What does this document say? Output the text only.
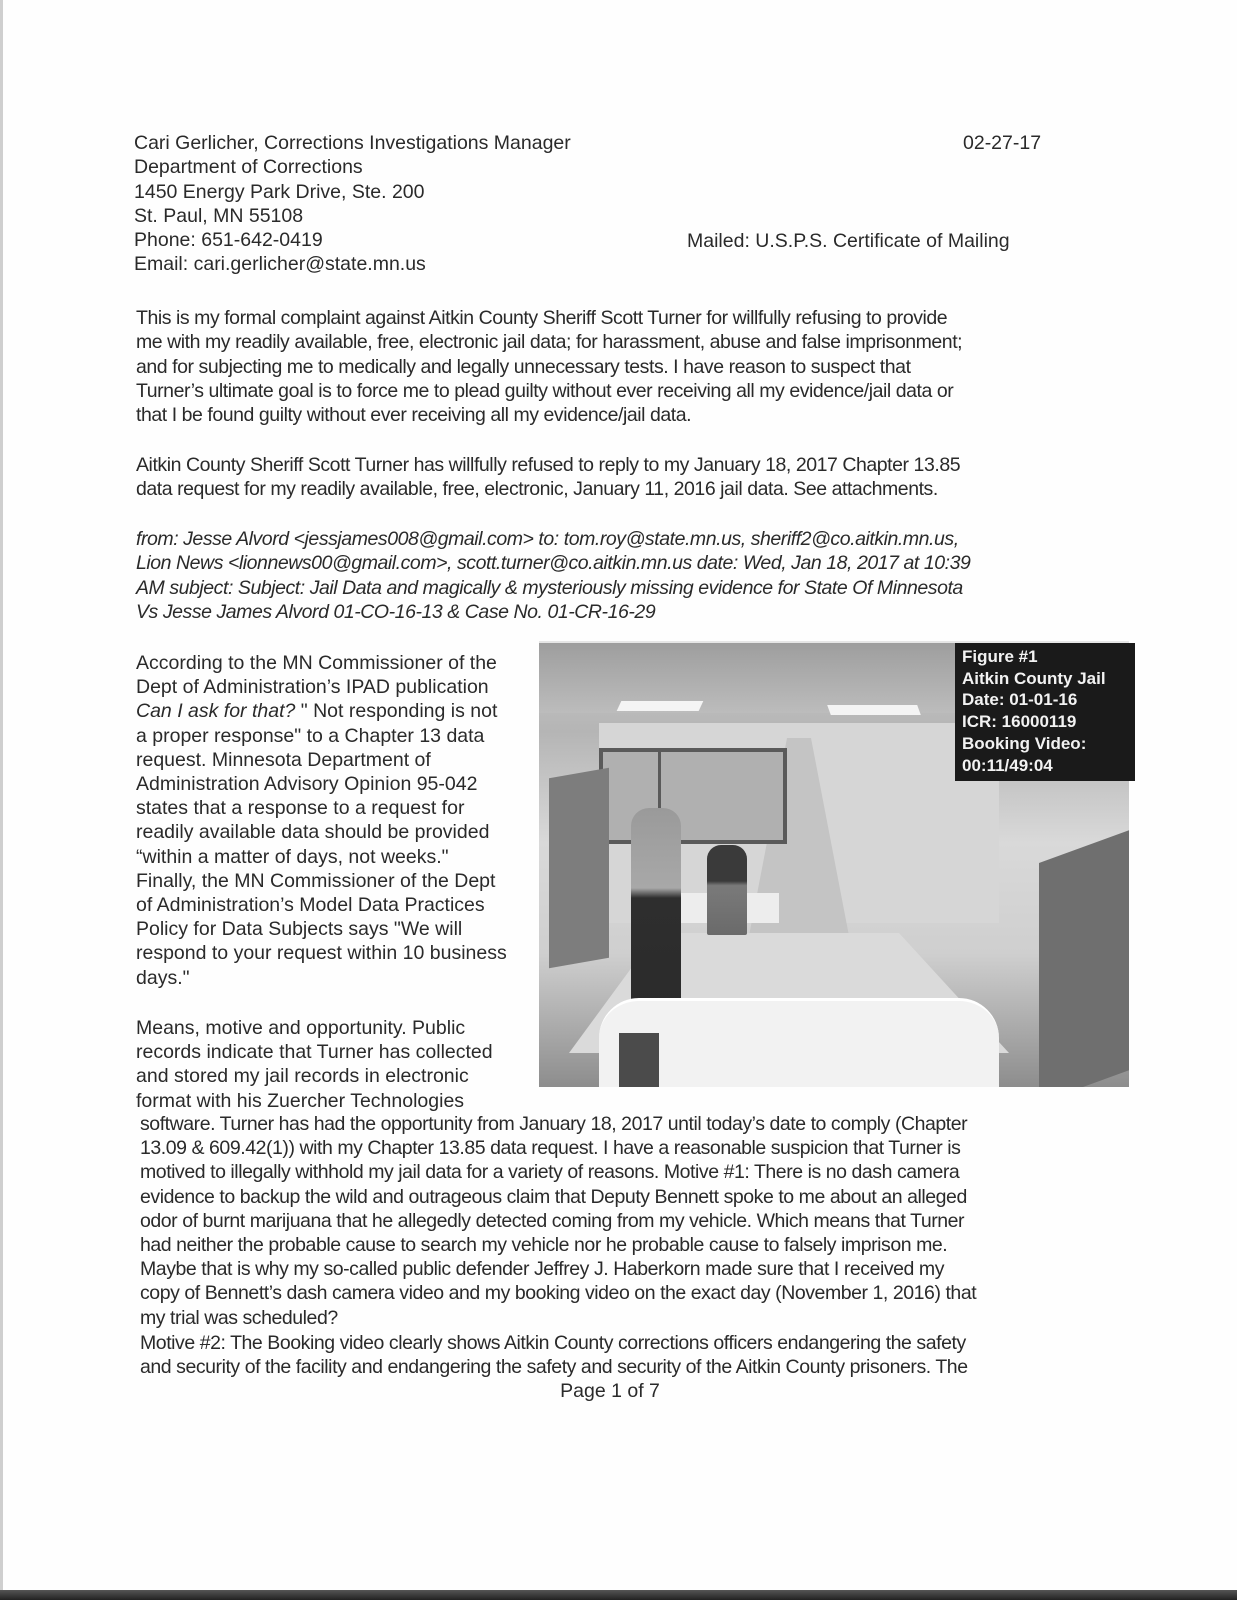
Cari Gerlicher, Corrections Investigations Manager
Department of Corrections
1450 Energy Park Drive, Ste. 200
St. Paul, MN 55108
Phone: 651-642-0419
Email: cari.gerlicher@state.mn.us
02-27-17
Mailed: U.S.P.S. Certificate of Mailing
This is my formal complaint against Aitkin County Sheriff Scott Turner for willfully refusing to provide
me with my readily available, free, electronic jail data; for harassment, abuse and false imprisonment;
and for subjecting me to medically and legally unnecessary tests. I have reason to suspect that
Turner’s ultimate goal is to force me to plead guilty without ever receiving all my evidence/jail data or
that I be found guilty without ever receiving all my evidence/jail data.
Aitkin County Sheriff Scott Turner has willfully refused to reply to my January 18, 2017 Chapter 13.85
data request for my readily available, free, electronic, January 11, 2016 jail data. See attachments.
from: Jesse Alvord <jessjames008@gmail.com> to: tom.roy@state.mn.us, sheriff2@co.aitkin.mn.us,
Lion News <lionnews00@gmail.com>, scott.turner@co.aitkin.mn.us date: Wed, Jan 18, 2017 at 10:39
AM subject: Subject: Jail Data and magically & mysteriously missing evidence for State Of Minnesota
Vs Jesse James Alvord 01-CO-16-13 & Case No. 01-CR-16-29
According to the MN Commissioner of the
Dept of Administration’s IPAD publication
Can I ask for that? " Not responding is not
a proper response" to a Chapter 13 data
request. Minnesota Department of
Administration Advisory Opinion 95-042
states that a response to a request for
readily available data should be provided
“within a matter of days, not weeks."
Finally, the MN Commissioner of the Dept
of Administration’s Model Data Practices
Policy for Data Subjects says "We will
respond to your request within 10 business
days."
Means, motive and opportunity. Public
records indicate that Turner has collected
and stored my jail records in electronic
format with his Zuercher Technologies
Figure #1
Aitkin County Jail
Date: 01-01-16
ICR: 16000119
Booking Video:
00:11/49:04
software. Turner has had the opportunity from January 18, 2017 until today’s date to comply (Chapter
13.09 & 609.42(1)) with my Chapter 13.85 data request. I have a reasonable suspicion that Turner is
motived to illegally withhold my jail data for a variety of reasons. Motive #1: There is no dash camera
evidence to backup the wild and outrageous claim that Deputy Bennett spoke to me about an alleged
odor of burnt marijuana that he allegedly detected coming from my vehicle. Which means that Turner
had neither the probable cause to search my vehicle nor he probable cause to falsely imprison me.
Maybe that is why my so-called public defender Jeffrey J. Haberkorn made sure that I received my
copy of Bennett’s dash camera video and my booking video on the exact day (November 1, 2016) that
my trial was scheduled?
Motive #2: The Booking video clearly shows Aitkin County corrections officers endangering the safety
and security of the facility and endangering the safety and security of the Aitkin County prisoners. The
Page 1 of 7
